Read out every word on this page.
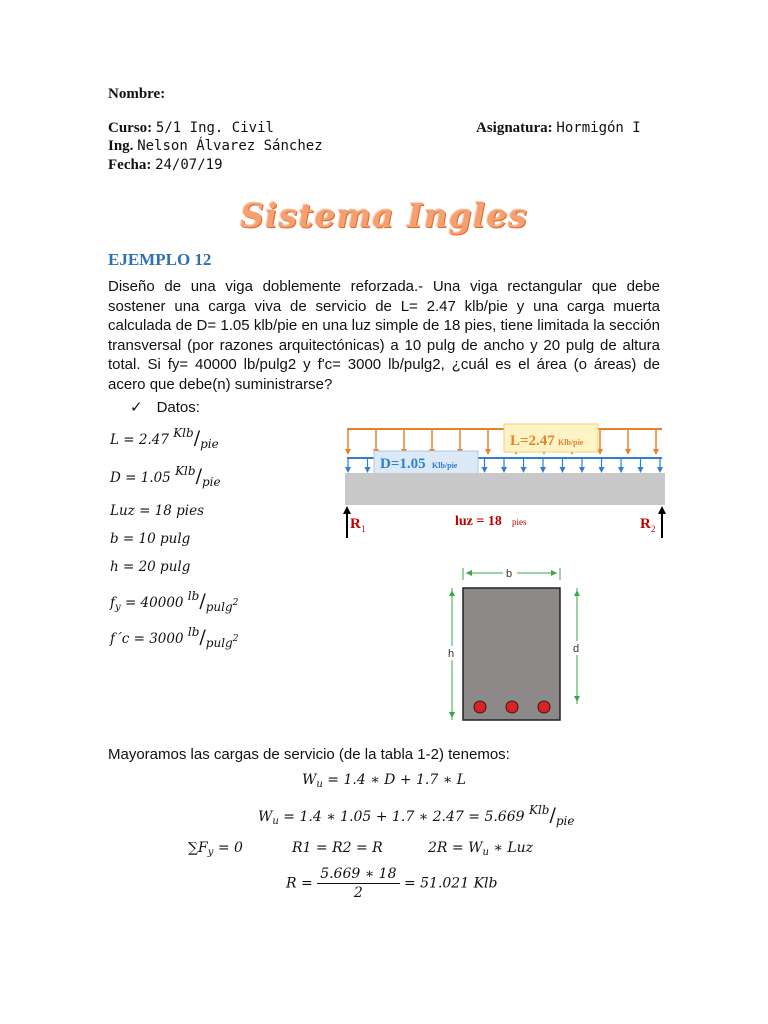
Nombre:
Curso: 5/1 Ing. Civil	Asignatura: Hormigón I
Ing. Nelson Álvarez Sánchez
Fecha: 24/07/19
Sistema Ingles
EJEMPLO 12
Diseño de una viga doblemente reforzada.- Una viga rectangular que debe sostener una carga viva de servicio de L= 2.47 klb/pie y una carga muerta calculada de D= 1.05 klb/pie en una luz simple de 18 pies, tiene limitada la sección transversal (por razones arquitectónicas) a 10 pulg de ancho y 20 pulg de altura total. Si fy= 40000 lb/pulg2 y f'c= 3000 lb/pulg2, ¿cuál es el área (o áreas) de acero que debe(n) suministrarse?
✓ Datos:
L = 2.47 Klb/pie
D = 1.05 Klb/pie
Luz = 18 pies
b = 10 pulg
h = 20 pulg
$f_y = 40000$ lb/pulg2
f´c = 3000 lb/pulg2
L=2.47 Klb/pie
D=1.05 Klb/pie
R 1	R 2
luz = 18 pies
b
h	d
Mayoramos las cargas de servicio (de la tabla 1-2) tenemos:
$W_u = 1.4$ ∗ D + 1.7 ∗ L
$W_u = 1.4$ ∗ 1.05 + 1.7 ∗ 2.47 = 5.669 Klb/pie
$\sum F_y = 0$	R1 = R2 = R	$2R = W_u$ ∗ Luz
$R = \frac{5.669 ∗ 18}{2} = 51.021$ Klb
